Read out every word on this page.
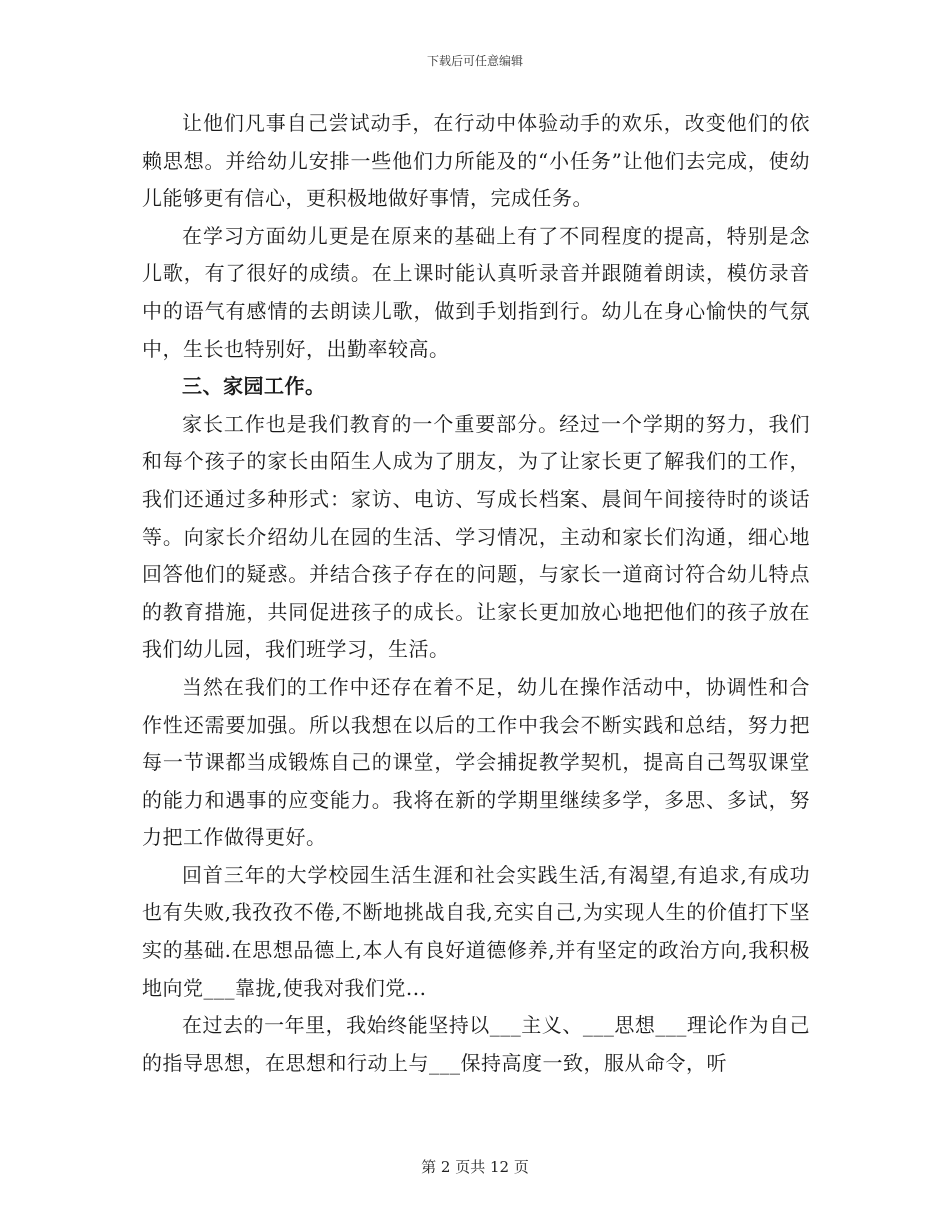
下载后可任意编辑

让他们凡事自己尝试动手，在行动中体验动手的欢乐，改变他们的依赖思想。并给幼儿安排一些他们力所能及的“小任务”让他们去完成，使幼儿能够更有信心，更积极地做好事情，完成任务。

在学习方面幼儿更是在原来的基础上有了不同程度的提高，特别是念儿歌，有了很好的成绩。在上课时能认真听录音并跟随着朗读，模仿录音中的语气有感情的去朗读儿歌，做到手划指到行。幼儿在身心愉快的气氛中，生长也特别好，出勤率较高。

三、家园工作。

家长工作也是我们教育的一个重要部分。经过一个学期的努力，我们和每个孩子的家长由陌生人成为了朋友，为了让家长更了解我们的工作，我们还通过多种形式：家访、电访、写成长档案、晨间午间接待时的谈话等。向家长介绍幼儿在园的生活、学习情况，主动和家长们沟通，细心地回答他们的疑惑。并结合孩子存在的问题，与家长一道商讨符合幼儿特点的教育措施，共同促进孩子的成长。让家长更加放心地把他们的孩子放在我们幼儿园，我们班学习，生活。

当然在我们的工作中还存在着不足，幼儿在操作活动中，协调性和合作性还需要加强。所以我想在以后的工作中我会不断实践和总结，努力把每一节课都当成锻炼自己的课堂，学会捕捉教学契机，提高自己驾驭课堂的能力和遇事的应变能力。我将在新的学期里继续多学，多思、多试，努力把工作做得更好。

回首三年的大学校园生活生涯和社会实践生活,有渴望,有追求,有成功也有失败,我孜孜不倦,不断地挑战自我,充实自己,为实现人生的价值打下坚实的基础.在思想品德上,本人有良好道德修养,并有坚定的政治方向,我积极地向党___靠拢,使我对我们党...

在过去的一年里，我始终能坚持以___主义、___思想___理论作为自己的指导思想，在思想和行动上与___保持高度一致，服从命令，听

第 2 页共 12 页
